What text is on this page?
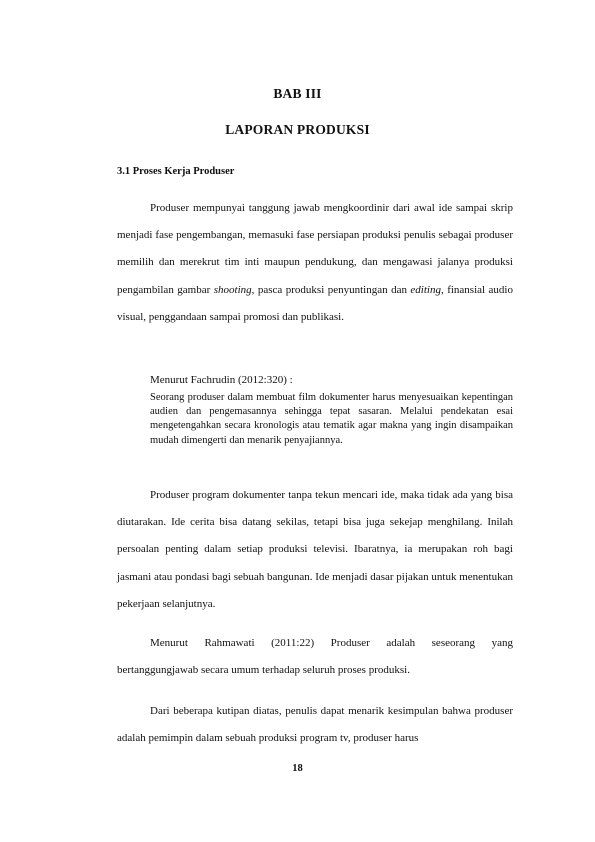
BAB III
LAPORAN PRODUKSI
3.1 Proses Kerja Produser

Produser mempunyai tanggung jawab mengkoordinir dari awal ide sampai skrip menjadi fase pengembangan, memasuki fase persiapan produksi penulis sebagai produser memilih dan merekrut tim inti maupun pendukung, dan mengawasi jalanya produksi pengambilan gambar shooting, pasca produksi penyuntingan dan editing, finansial audio visual, penggandaan sampai promosi dan publikasi.

Menurut Fachrudin (2012:320) :
Seorang produser dalam membuat film dokumenter harus menyesuaikan kepentingan audien dan pengemasannya sehingga tepat sasaran. Melalui pendekatan esai mengetengahkan secara kronologis atau tematik agar makna yang ingin disampaikan mudah dimengerti dan menarik penyajiannya.

Produser program dokumenter tanpa tekun mencari ide, maka tidak ada yang bisa diutarakan. Ide cerita bisa datang sekilas, tetapi bisa juga sekejap menghilang. Inilah persoalan penting dalam setiap produksi televisi. Ibaratnya, ia merupakan roh bagi jasmani atau pondasi bagi sebuah bangunan. Ide menjadi dasar pijakan untuk menentukan pekerjaan selanjutnya.

Menurut Rahmawati (2011:22) Produser adalah seseorang yang bertanggungjawab secara umum terhadap seluruh proses produksi.

Dari beberapa kutipan diatas, penulis dapat menarik kesimpulan bahwa produser adalah pemimpin dalam sebuah produksi program tv, produser harus

18
